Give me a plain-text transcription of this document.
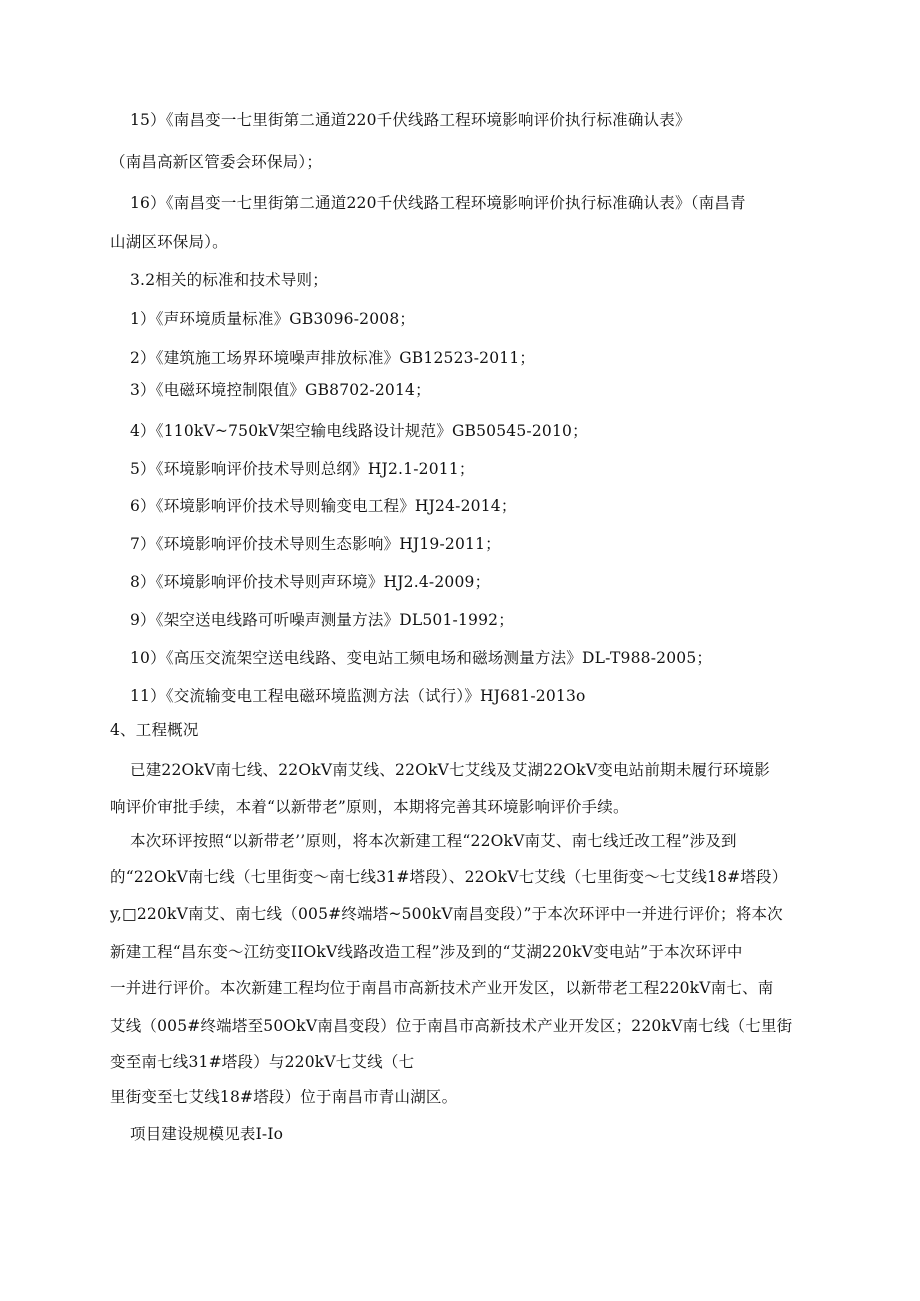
15）《南昌变一七里街第二通道220千伏线路工程环境影响评价执行标准确认表》
（南昌高新区管委会环保局）；
16）《南昌变一七里街第二通道220千伏线路工程环境影响评价执行标准确认表》（南昌青
山湖区环保局）。
3.2相关的标准和技术导则；
1）《声环境质量标准》GB3096-2008；
2）《建筑施工场界环境噪声排放标准》GB12523-2011；
3）《电磁环境控制限值》GB8702-2014；
4）《110kV~750kV架空输电线路设计规范》GB50545-2010；
5）《环境影响评价技术导则总纲》HJ2.1-2011；
6）《环境影响评价技术导则输变电工程》HJ24-2014；
7）《环境影响评价技术导则生态影响》HJ19-2011；
8）《环境影响评价技术导则声环境》HJ2.4-2009；
9）《架空送电线路可听噪声测量方法》DL501-1992；
10）《高压交流架空送电线路、变电站工频电场和磁场测量方法》DL-T988-2005；
11）《交流输变电工程电磁环境监测方法（试行）》HJ681-2013o
4、工程概况
已建22OkV南七线、22OkV南艾线、22OkV七艾线及艾湖22OkV变电站前期未履行环境影
响评价审批手续，本着“以新带老”原则，本期将完善其环境影响评价手续。
本次环评按照“以新带老’’原则，将本次新建工程“22OkV南艾、南七线迁改工程”涉及到
的“22OkV南七线（七里街变～南七线31#塔段）、22OkV七艾线（七里街变～七艾线18#塔段）
y,□220kV南艾、南七线（005#终端塔~500kV南昌变段）”于本次环评中一并进行评价；将本次
新建工程“昌东变～江纺变IIOkV线路改造工程”涉及到的“艾湖220kV变电站”于本次环评中
一并进行评价。本次新建工程均位于南昌市高新技术产业开发区，以新带老工程220kV南七、南
艾线（005#终端塔至50OkV南昌变段）位于南昌市高新技术产业开发区；220kV南七线（七里街
变至南七线31#塔段）与220kV七艾线（七
里街变至七艾线18#塔段）位于南昌市青山湖区。
项目建设规模见表I-Io
